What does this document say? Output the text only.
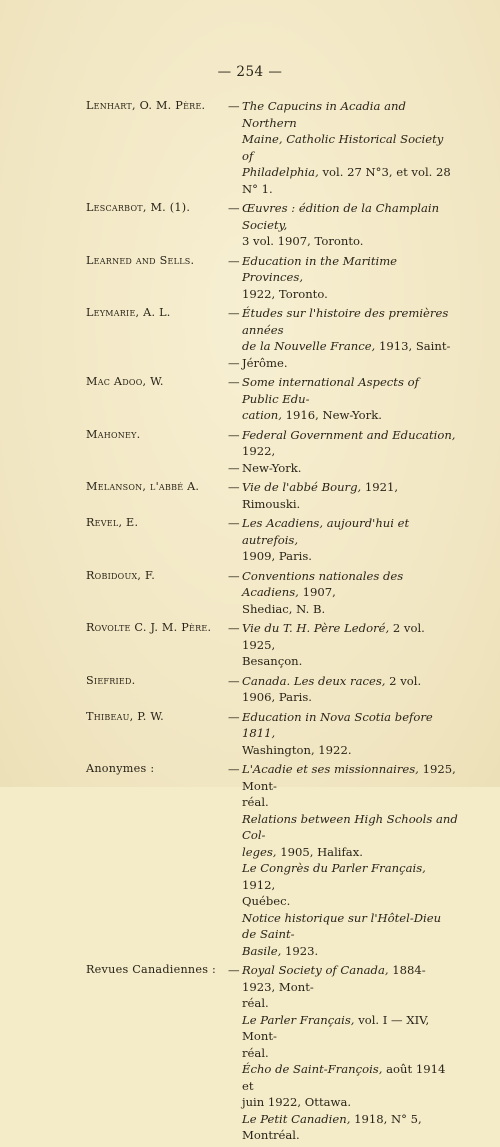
— 254 —
Lenhart, O. M. Père.	— The Capucins in Acadia and Northern
Maine, Catholic Historical Society of
Philadelphia, vol. 27 N°3, et vol. 28 N° 1.
Lescarbot, M. (1).	— Œuvres : édition de la Champlain Society,
3 vol. 1907, Toronto.
Learned and Sells.	— Education in the Maritime Provinces,
1922, Toronto.
Leymarie, A. L.	— Études sur l'histoire des premières années
de la Nouvelle France, 1913, Saint-
— Jérôme.
Mac Adoo, W.	— Some international Aspects of Public Edu-
cation, 1916, New-York.
Mahoney.	— Federal Government and Education, 1922,
— New-York.
Melanson, l'abbé A.	— Vie de l'abbé Bourg, 1921, Rimouski.
Revel, E.	— Les Acadiens, aujourd'hui et autrefois,
1909, Paris.
Robidoux, F.	— Conventions nationales des Acadiens, 1907,
Shediac, N. B.
Rovolte C. J. M. Père.	— Vie du T. H. Père Ledoré, 2 vol. 1925,
Besançon.
Siefried.	— Canada. Les deux races, 2 vol. 1906, Paris.
Thibeau, P. W.	— Education in Nova Scotia before 1811,
Washington, 1922.
Anonymes :	— L'Acadie et ses missionnaires, 1925, Mont-
réal.
Relations between High Schools and Col-
leges, 1905, Halifax.
Le Congrès du Parler Français, 1912,
Québec.
Notice historique sur l'Hôtel-Dieu de Saint-
Basile, 1923.
Revues Canadiennes :	— Royal Society of Canada, 1884-1923, Mont-
réal.
Le Parler Français, vol. I — XIV, Mont-
réal.
Écho de Saint-François, août 1914 et
juin 1922, Ottawa.
Le Petit Canadien, 1918, N° 5, Montréal.
